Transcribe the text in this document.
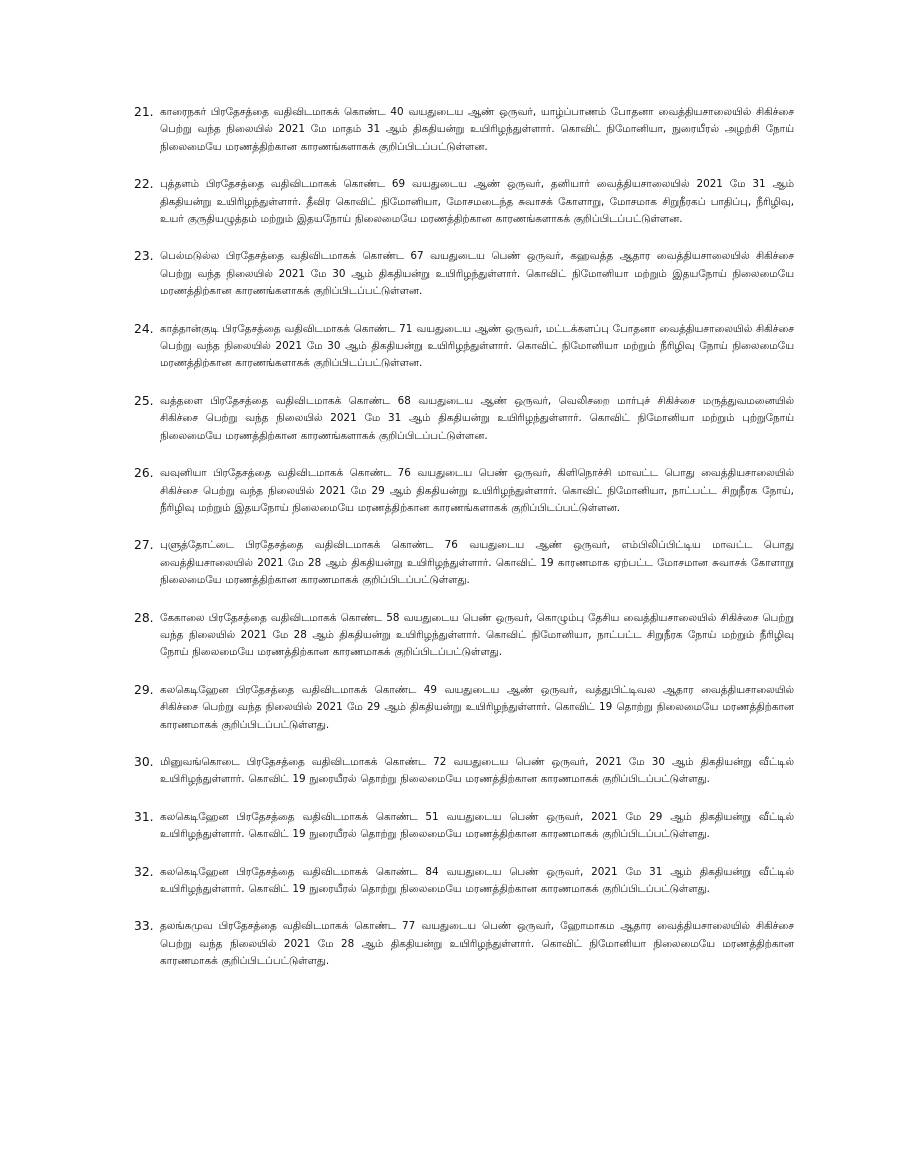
21. காரைநகர் பிரதேசத்தை வதிவிடமாகக் கொண்ட 40 வயதுடைய ஆண் ஒருவர், யாழ்ப்பாணம் போதனா வைத்தியசாலையில் சிகிச்சை பெற்று வந்த நிலையில் 2021 மே மாதம் 31 ஆம் திகதியன்று உயிரிழந்துள்ளார். கொவிட் நிமோனியா, நுரையீரல் அழற்சி நோய் நிலைமையே மரணத்திற்கான காரணங்களாகக் குறிப்பிடப்பட்டுள்ளன.
22. புத்தளம் பிரதேசத்தை வதிவிடமாகக் கொண்ட 69 வயதுடைய ஆண் ஒருவர், தனியார் வைத்தியசாலையில் 2021 மே 31 ஆம் திகதியன்று உயிரிழந்துள்ளார். தீவிர கொவிட் நிமோனியா, மோசமடைந்த சுவாசக் கோளாறு, மோசமாக சிறுநீரகப் பாதிப்பு, நீரிழிவு, உயர் குருதியழுத்தம் மற்றும் இதயநோய் நிலைமையே மரணத்திற்கான காரணங்களாகக் குறிப்பிடப்பட்டுள்ளன.
23. பெல்மடுல்ல பிரதேசத்தை வதிவிடமாகக் கொண்ட 67 வயதுடைய பெண் ஒருவர், கஹவத்த ஆதார வைத்தியசாலையில் சிகிச்சை பெற்று வந்த நிலையில் 2021 மே 30 ஆம் திகதியன்று உயிரிழந்துள்ளார். கொவிட் நிமோனியா மற்றும் இதயநோய் நிலைமையே மரணத்திற்கான காரணங்களாகக் குறிப்பிடப்பட்டுள்ளன.
24. காத்தான்குடி பிரதேசத்தை வதிவிடமாகக் கொண்ட 71 வயதுடைய ஆண் ஒருவர், மட்டக்களப்பு போதனா வைத்தியசாலையில் சிகிச்சை பெற்று வந்த நிலையில் 2021 மே 30 ஆம் திகதியன்று உயிரிழந்துள்ளார். கொவிட் நிமோனியா மற்றும் நீரிழிவு நோய் நிலைமையே மரணத்திற்கான காரணங்களாகக் குறிப்பிடப்பட்டுள்ளன.
25. வத்தளை பிரதேசத்தை வதிவிடமாகக் கொண்ட 68 வயதுடைய ஆண் ஒருவர், வெலிசறை மார்புச் சிகிச்சை மருத்துவமனையில் சிகிச்சை பெற்று வந்த நிலையில் 2021 மே 31 ஆம் திகதியன்று உயிரிழந்துள்ளார். கொவிட் நிமோனியா மற்றும் புற்றுநோய் நிலைமையே மரணத்திற்கான காரணங்களாகக் குறிப்பிடப்பட்டுள்ளன.
26. வவுனியா பிரதேசத்தை வதிவிடமாகக் கொண்ட 76 வயதுடைய பெண் ஒருவர், கிளிநொச்சி மாவட்ட பொது வைத்தியசாலையில் சிகிச்சை பெற்று வந்த நிலையில் 2021 மே 29 ஆம் திகதியன்று உயிரிழந்துள்ளார். கொவிட் நிமோனியா, நாட்பட்ட சிறுநீரக நோய், நீரிழிவு மற்றும் இதயநோய் நிலைமையே மரணத்திற்கான காரணங்களாகக் குறிப்பிடப்பட்டுள்ளன.
27. புளுத்தோட்டை பிரதேசத்தை வதிவிடமாகக் கொண்ட 76 வயதுடைய ஆண் ஒருவர், எம்பிலிப்பிட்டிய மாவட்ட பொது வைத்தியசாலையில் 2021 மே 28 ஆம் திகதியன்று உயிரிழந்துள்ளார். கொவிட் 19 காரணமாக ஏற்பட்ட மோசமான சுவாசக் கோளாறு நிலைமையே மரணத்திற்கான காரணமாகக் குறிப்பிடப்பட்டுள்ளது.
28. கேகாலை பிரதேசத்தை வதிவிடமாகக் கொண்ட 58 வயதுடைய பெண் ஒருவர், கொழும்பு தேசிய வைத்தியசாலையில் சிகிச்சை பெற்று வந்த நிலையில் 2021 மே 28 ஆம் திகதியன்று உயிரிழந்துள்ளார். கொவிட் நிமோனியா, நாட்பட்ட சிறுநீரக நோய் மற்றும் நீரிழிவு நோய் நிலைமையே மரணத்திற்கான காரணமாகக் குறிப்பிடப்பட்டுள்ளது.
29. கலகெடிஹேன பிரதேசத்தை வதிவிடமாகக் கொண்ட 49 வயதுடைய ஆண் ஒருவர், வத்துபிட்டிவல ஆதார வைத்தியசாலையில் சிகிச்சை பெற்று வந்த நிலையில் 2021 மே 29 ஆம் திகதியன்று உயிரிழந்துள்ளார். கொவிட் 19 தொற்று நிலைமையே மரணத்திற்கான காரணமாகக் குறிப்பிடப்பட்டுள்ளது.
30. மினுவங்கொடை பிரதேசத்தை வதிவிடமாகக் கொண்ட 72 வயதுடைய பெண் ஒருவர், 2021 மே 30 ஆம் திகதியன்று வீட்டில் உயிரிழந்துள்ளார். கொவிட் 19 நுரையீரல் தொற்று நிலைமையே மரணத்திற்கான காரணமாகக் குறிப்பிடப்பட்டுள்ளது.
31. கலகெடிஹேன பிரதேசத்தை வதிவிடமாகக் கொண்ட 51 வயதுடைய பெண் ஒருவர், 2021 மே 29 ஆம் திகதியன்று வீட்டில் உயிரிழந்துள்ளார். கொவிட் 19 நுரையீரல் தொற்று நிலைமையே மரணத்திற்கான காரணமாகக் குறிப்பிடப்பட்டுள்ளது.
32. கலகெடிஹேன பிரதேசத்தை வதிவிடமாகக் கொண்ட 84 வயதுடைய பெண் ஒருவர், 2021 மே 31 ஆம் திகதியன்று வீட்டில் உயிரிழந்துள்ளார். கொவிட் 19 நுரையீரல் தொற்று நிலைமையே மரணத்திற்கான காரணமாகக் குறிப்பிடப்பட்டுள்ளது.
33. தலங்கமுவ பிரதேசத்தை வதிவிடமாகக் கொண்ட 77 வயதுடைய பெண் ஒருவர், ஹோமாகம ஆதார வைத்தியசாலையில் சிகிச்சை பெற்று வந்த நிலையில் 2021 மே 28 ஆம் திகதியன்று உயிரிழந்துள்ளார். கொவிட் நிமோனியா நிலைமையே மரணத்திற்கான காரணமாகக் குறிப்பிடப்பட்டுள்ளது.
